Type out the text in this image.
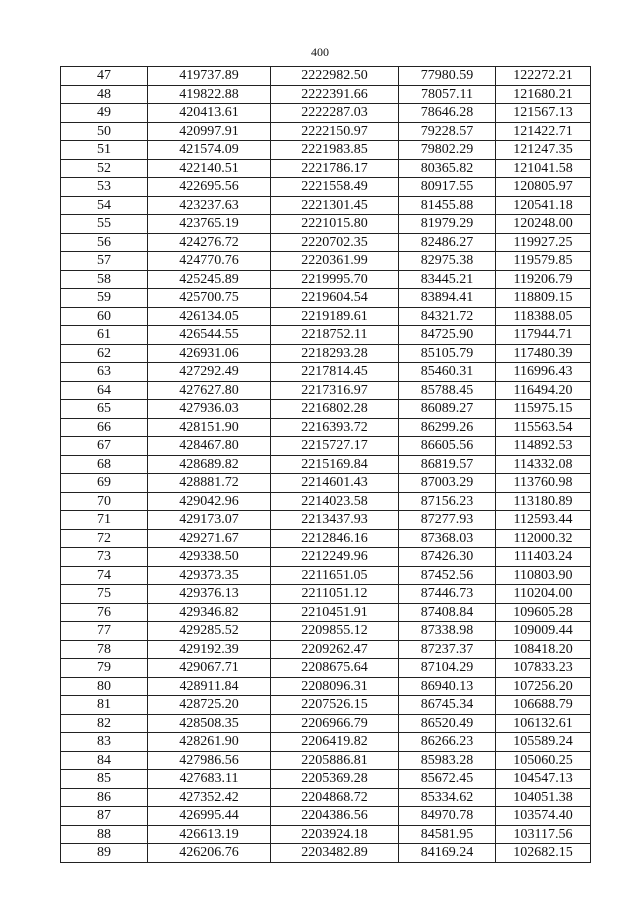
400
47	419737.89	2222982.50	77980.59	122272.21
48	419822.88	2222391.66	78057.11	121680.21
49	420413.61	2222287.03	78646.28	121567.13
50	420997.91	2222150.97	79228.57	121422.71
51	421574.09	2221983.85	79802.29	121247.35
52	422140.51	2221786.17	80365.82	121041.58
53	422695.56	2221558.49	80917.55	120805.97
54	423237.63	2221301.45	81455.88	120541.18
55	423765.19	2221015.80	81979.29	120248.00
56	424276.72	2220702.35	82486.27	119927.25
57	424770.76	2220361.99	82975.38	119579.85
58	425245.89	2219995.70	83445.21	119206.79
59	425700.75	2219604.54	83894.41	118809.15
60	426134.05	2219189.61	84321.72	118388.05
61	426544.55	2218752.11	84725.90	117944.71
62	426931.06	2218293.28	85105.79	117480.39
63	427292.49	2217814.45	85460.31	116996.43
64	427627.80	2217316.97	85788.45	116494.20
65	427936.03	2216802.28	86089.27	115975.15
66	428151.90	2216393.72	86299.26	115563.54
67	428467.80	2215727.17	86605.56	114892.53
68	428689.82	2215169.84	86819.57	114332.08
69	428881.72	2214601.43	87003.29	113760.98
70	429042.96	2214023.58	87156.23	113180.89
71	429173.07	2213437.93	87277.93	112593.44
72	429271.67	2212846.16	87368.03	112000.32
73	429338.50	2212249.96	87426.30	111403.24
74	429373.35	2211651.05	87452.56	110803.90
75	429376.13	2211051.12	87446.73	110204.00
76	429346.82	2210451.91	87408.84	109605.28
77	429285.52	2209855.12	87338.98	109009.44
78	429192.39	2209262.47	87237.37	108418.20
79	429067.71	2208675.64	87104.29	107833.23
80	428911.84	2208096.31	86940.13	107256.20
81	428725.20	2207526.15	86745.34	106688.79
82	428508.35	2206966.79	86520.49	106132.61
83	428261.90	2206419.82	86266.23	105589.24
84	427986.56	2205886.81	85983.28	105060.25
85	427683.11	2205369.28	85672.45	104547.13
86	427352.42	2204868.72	85334.62	104051.38
87	426995.44	2204386.56	84970.78	103574.40
88	426613.19	2203924.18	84581.95	103117.56
89	426206.76	2203482.89	84169.24	102682.15
